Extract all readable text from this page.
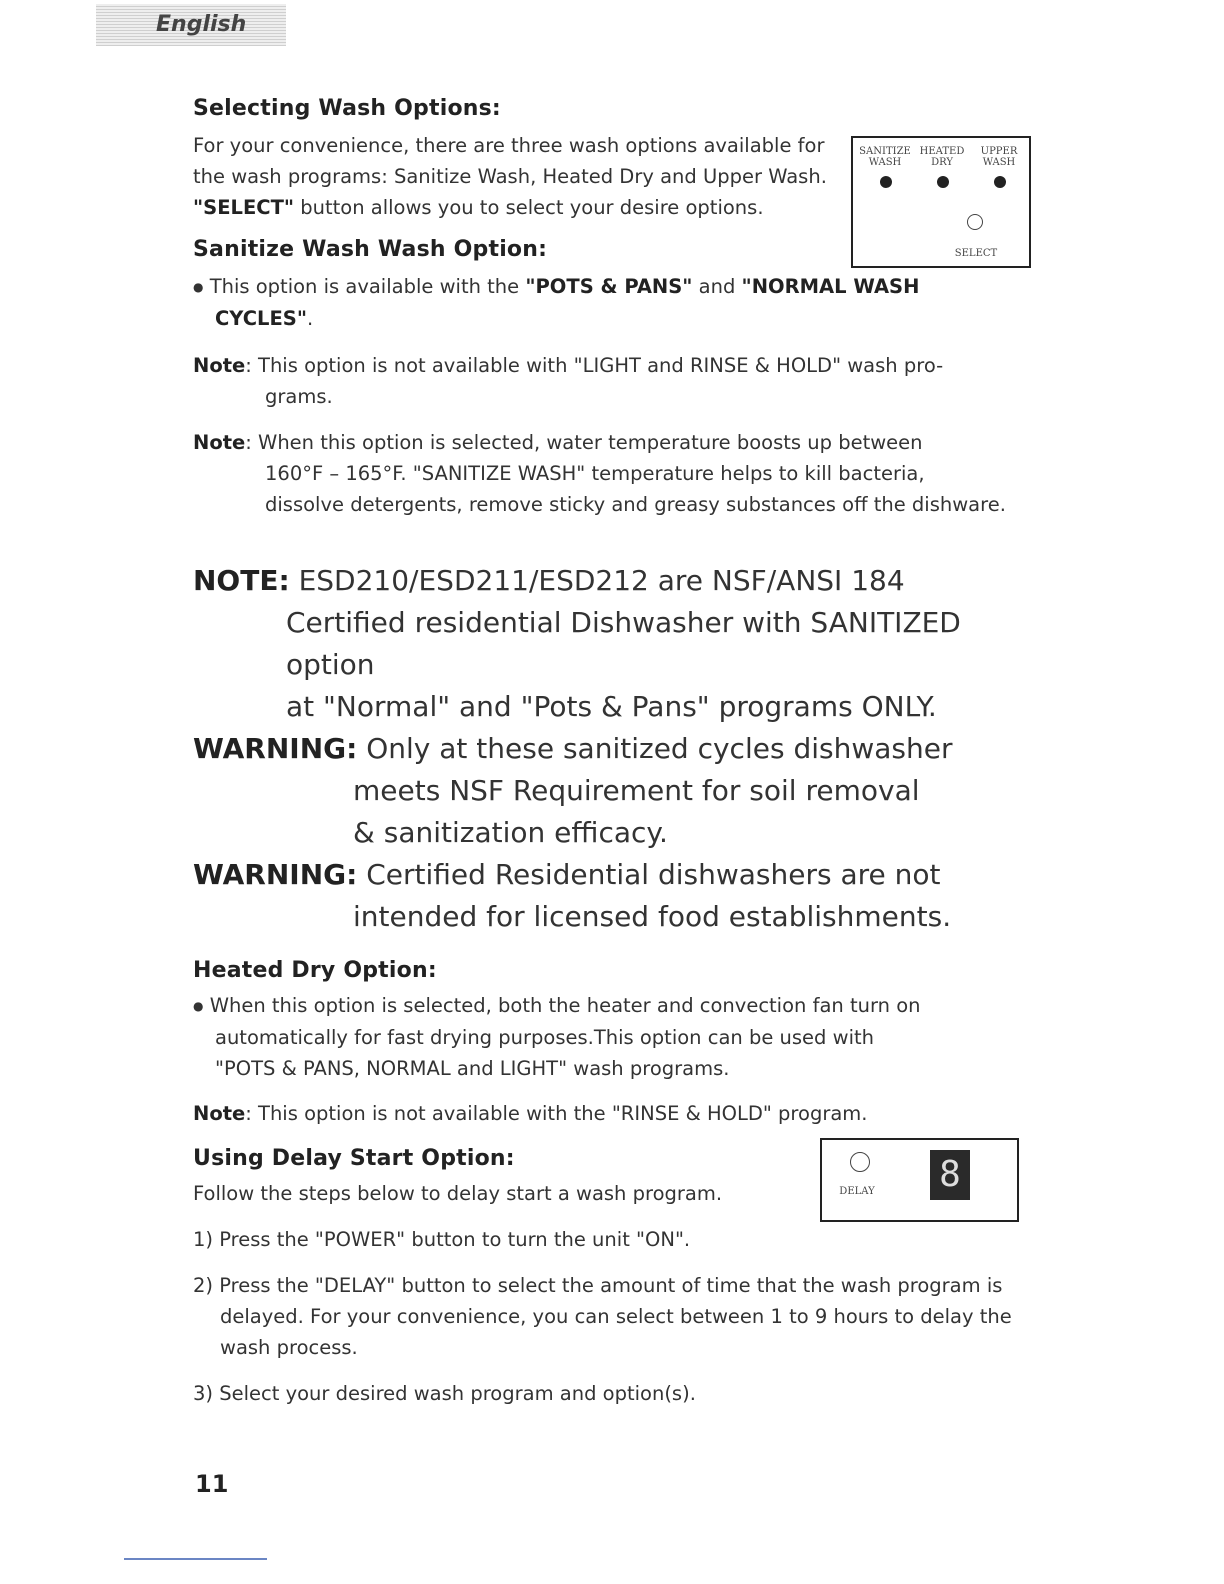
English
Selecting Wash Options:
For your convenience, there are three wash options available for
the wash programs: Sanitize Wash, Heated Dry and Upper Wash.
"SELECT" button allows you to select your desire options.
SANITIZE WASH
HEATED DRY
UPPER WASH
SELECT
Sanitize Wash Wash Option:
● This option is available with the "POTS & PANS" and "NORMAL WASH
CYCLES".
Note: This option is not available with "LIGHT and RINSE & HOLD" wash pro-
grams.
Note: When this option is selected, water temperature boosts up between
160°F – 165°F. "SANITIZE WASH" temperature helps to kill bacteria,
dissolve detergents, remove sticky and greasy substances off the dishware.
NOTE: ESD210/ESD211/ESD212 are NSF/ANSI 184
Certified residential Dishwasher with SANITIZED option
at "Normal" and "Pots & Pans" programs ONLY.
WARNING: Only at these sanitized cycles dishwasher
meets NSF Requirement for soil removal
& sanitization efficacy.
WARNING: Certified Residential dishwashers are not
intended for licensed food establishments.
Heated Dry Option:
● When this option is selected, both the heater and convection fan turn on
automatically for fast drying purposes.This option can be used with
"POTS & PANS, NORMAL and LIGHT" wash programs.
Note: This option is not available with the "RINSE & HOLD" program.
Using Delay Start Option:
Follow the steps below to delay start a wash program.	DELAY 8
1) Press the "POWER" button to turn the unit "ON".
2) Press the "DELAY" button to select the amount of time that the wash program is
delayed. For your convenience, you can select between 1 to 9 hours to delay the
wash process.
3) Select your desired wash program and option(s).
11
